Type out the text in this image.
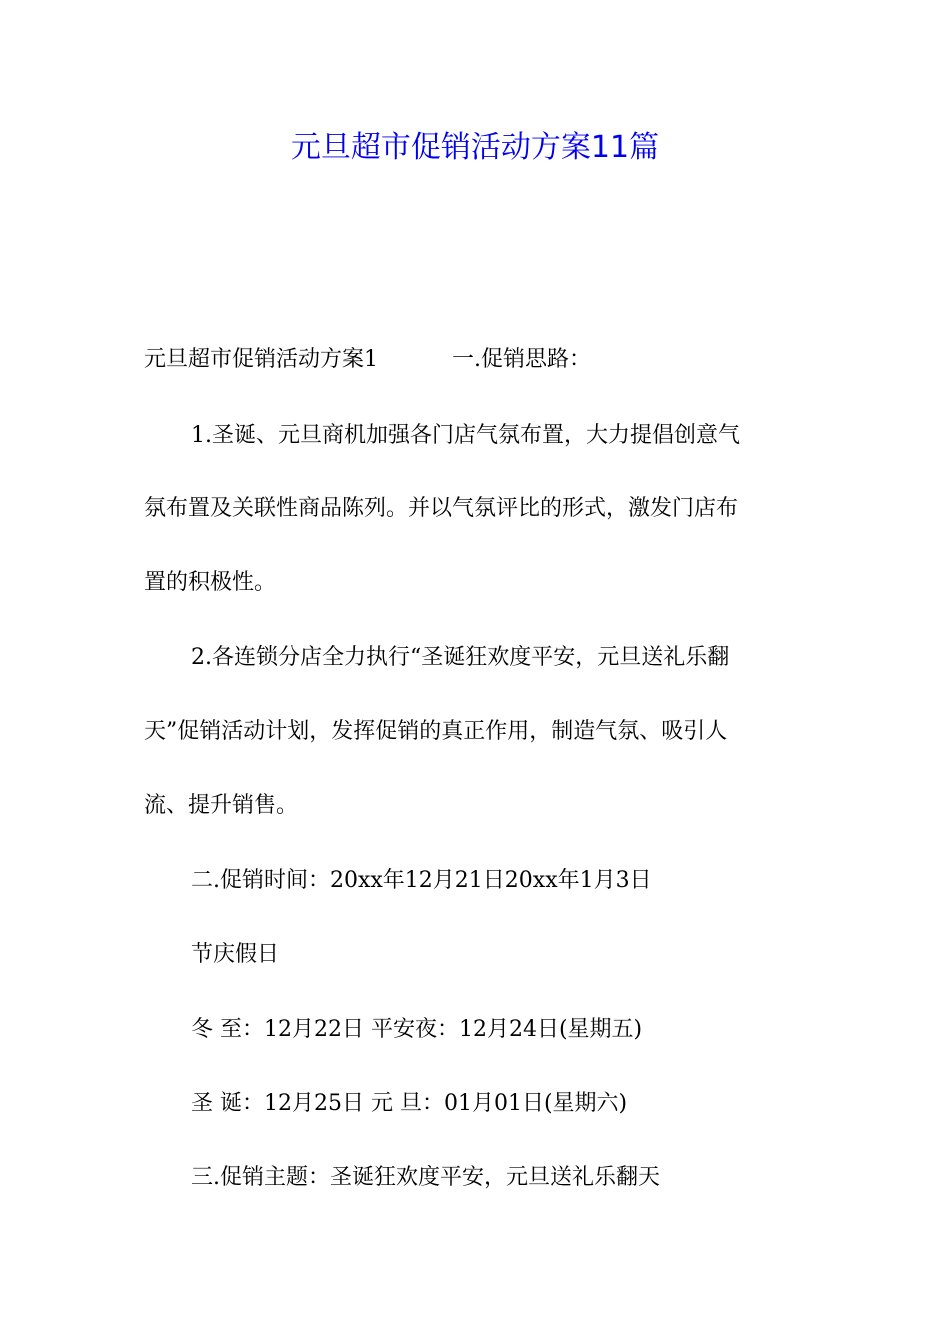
元旦超市促销活动方案11篇
元旦超市促销活动方案1	一.促销思路：
1.圣诞、元旦商机加强各门店气氛布置，大力提倡创意气
氛布置及关联性商品陈列。并以气氛评比的形式，激发门店布
置的积极性。
2.各连锁分店全力执行“圣诞狂欢度平安，元旦送礼乐翻
天”促销活动计划，发挥促销的真正作用，制造气氛、吸引人
流、提升销售。
二.促销时间：20xx年12月21日20xx年1月3日
节庆假日
冬 至：12月22日 平安夜：12月24日(星期五)
圣 诞：12月25日 元 旦：01月01日(星期六)
三.促销主题：圣诞狂欢度平安，元旦送礼乐翻天
